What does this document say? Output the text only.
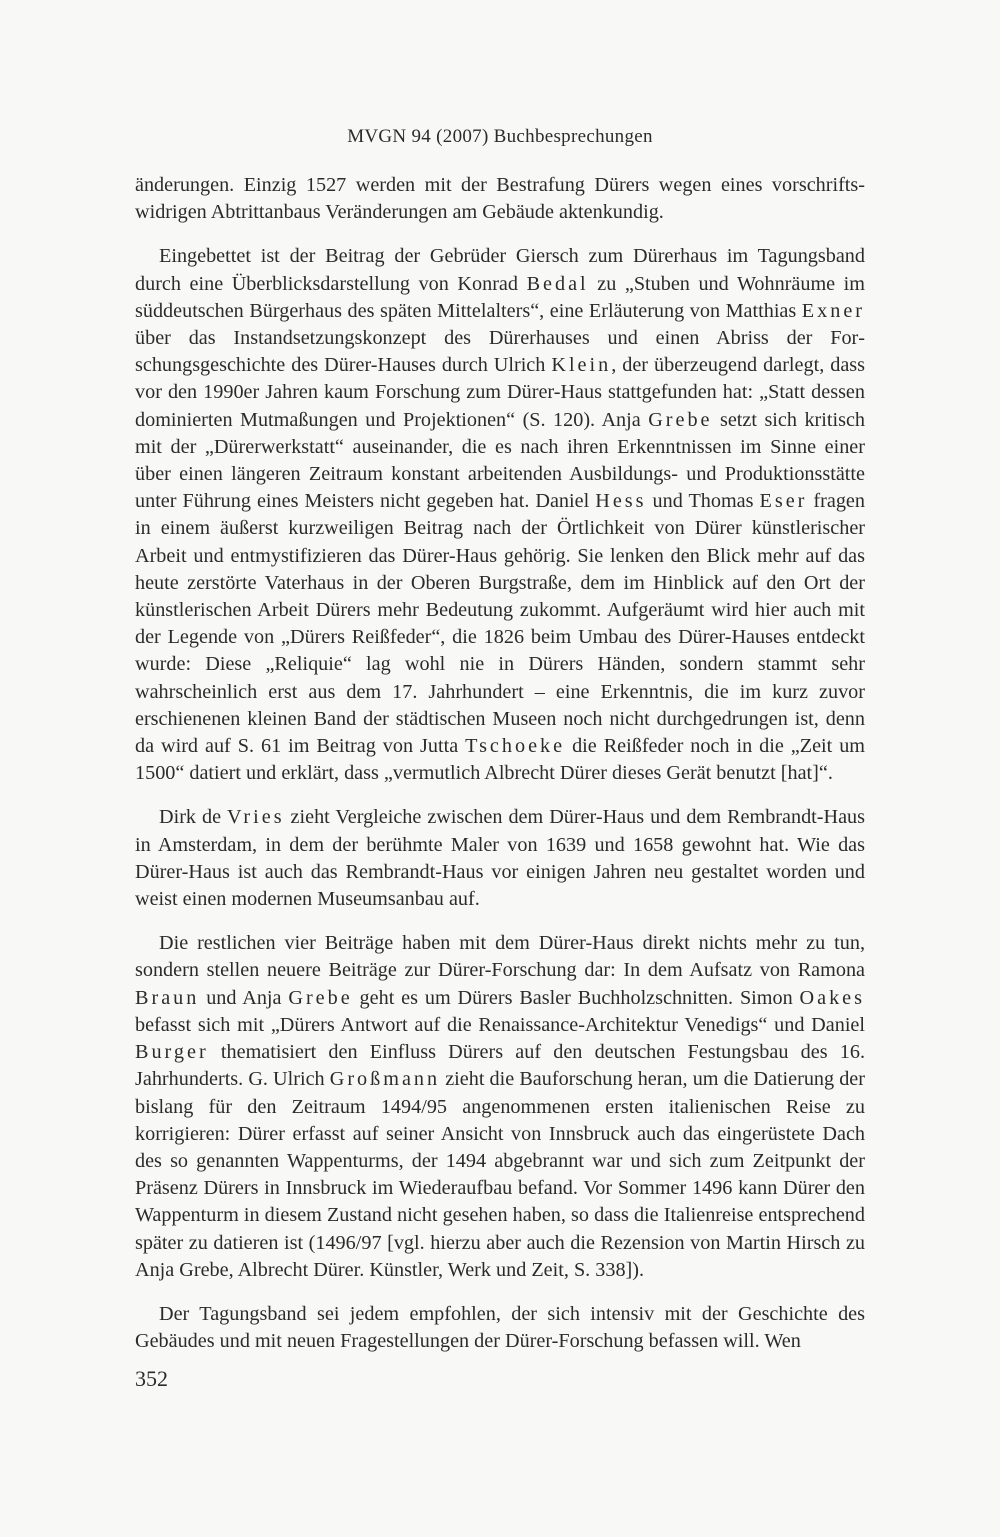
MVGN 94 (2007) Buchbesprechungen

änderungen. Einzig 1527 werden mit der Bestrafung Dürers wegen eines vorschriftswidrigen Abtrittanbaus Veränderungen am Gebäude aktenkundig.

Eingebettet ist der Beitrag der Gebrüder Giersch zum Dürerhaus im Tagungsband durch eine Überblicksdarstellung von Konrad Bedal zu „Stuben und Wohnräume im süddeutschen Bürgerhaus des späten Mittelalters“, eine Erläuterung von Matthias Exner über das Instandsetzungskonzept des Dürerhauses und einen Abriss der Forschungsgeschichte des Dürer-Hauses durch Ulrich Klein, der überzeugend darlegt, dass vor den 1990er Jahren kaum Forschung zum Dürer-Haus stattgefunden hat: „Statt dessen dominierten Mutmaßungen und Projektionen“ (S. 120). Anja Grebe setzt sich kritisch mit der „Dürerwerkstatt“ auseinander, die es nach ihren Erkenntnissen im Sinne einer über einen längeren Zeitraum konstant arbeitenden Ausbildungs- und Produktionsstätte unter Führung eines Meisters nicht gegeben hat. Daniel Hess und Thomas Eser fragen in einem äußerst kurzweiligen Beitrag nach der Örtlichkeit von Dürer künstlerischer Arbeit und entmystifizieren das Dürer-Haus gehörig. Sie lenken den Blick mehr auf das heute zerstörte Vaterhaus in der Oberen Burgstraße, dem im Hinblick auf den Ort der künstlerischen Arbeit Dürers mehr Bedeutung zukommt. Aufgeräumt wird hier auch mit der Legende von „Dürers Reißfeder“, die 1826 beim Umbau des Dürer-Hauses entdeckt wurde: Diese „Reliquie“ lag wohl nie in Dürers Händen, sondern stammt sehr wahrscheinlich erst aus dem 17. Jahrhundert – eine Erkenntnis, die im kurz zuvor erschienenen kleinen Band der städtischen Museen noch nicht durchgedrungen ist, denn da wird auf S. 61 im Beitrag von Jutta Tschoeke die Reißfeder noch in die „Zeit um 1500“ datiert und erklärt, dass „vermutlich Albrecht Dürer dieses Gerät benutzt [hat]“.

Dirk de Vries zieht Vergleiche zwischen dem Dürer-Haus und dem Rembrandt-Haus in Amsterdam, in dem der berühmte Maler von 1639 und 1658 gewohnt hat. Wie das Dürer-Haus ist auch das Rembrandt-Haus vor einigen Jahren neu gestaltet worden und weist einen modernen Museumsanbau auf.

Die restlichen vier Beiträge haben mit dem Dürer-Haus direkt nichts mehr zu tun, sondern stellen neuere Beiträge zur Dürer-Forschung dar: In dem Aufsatz von Ramona Braun und Anja Grebe geht es um Dürers Basler Buchholzschnitten. Simon Oakes befasst sich mit „Dürers Antwort auf die Renaissance-Architektur Venedigs“ und Daniel Burger thematisiert den Einfluss Dürers auf den deutschen Festungsbau des 16. Jahrhunderts. G. Ulrich Großmann zieht die Bauforschung heran, um die Datierung der bislang für den Zeitraum 1494/95 angenommenen ersten italienischen Reise zu korrigieren: Dürer erfasst auf seiner Ansicht von Innsbruck auch das eingerüstete Dach des so genannten Wappenturms, der 1494 abgebrannt war und sich zum Zeitpunkt der Präsenz Dürers in Innsbruck im Wiederaufbau befand. Vor Sommer 1496 kann Dürer den Wappenturm in diesem Zustand nicht gesehen haben, so dass die Italienreise entsprechend später zu datieren ist (1496/97 [vgl. hierzu aber auch die Rezension von Martin Hirsch zu Anja Grebe, Albrecht Dürer. Künstler, Werk und Zeit, S. 338]).

Der Tagungsband sei jedem empfohlen, der sich intensiv mit der Geschichte des Gebäudes und mit neuen Fragestellungen der Dürer-Forschung befassen will. Wen

352
